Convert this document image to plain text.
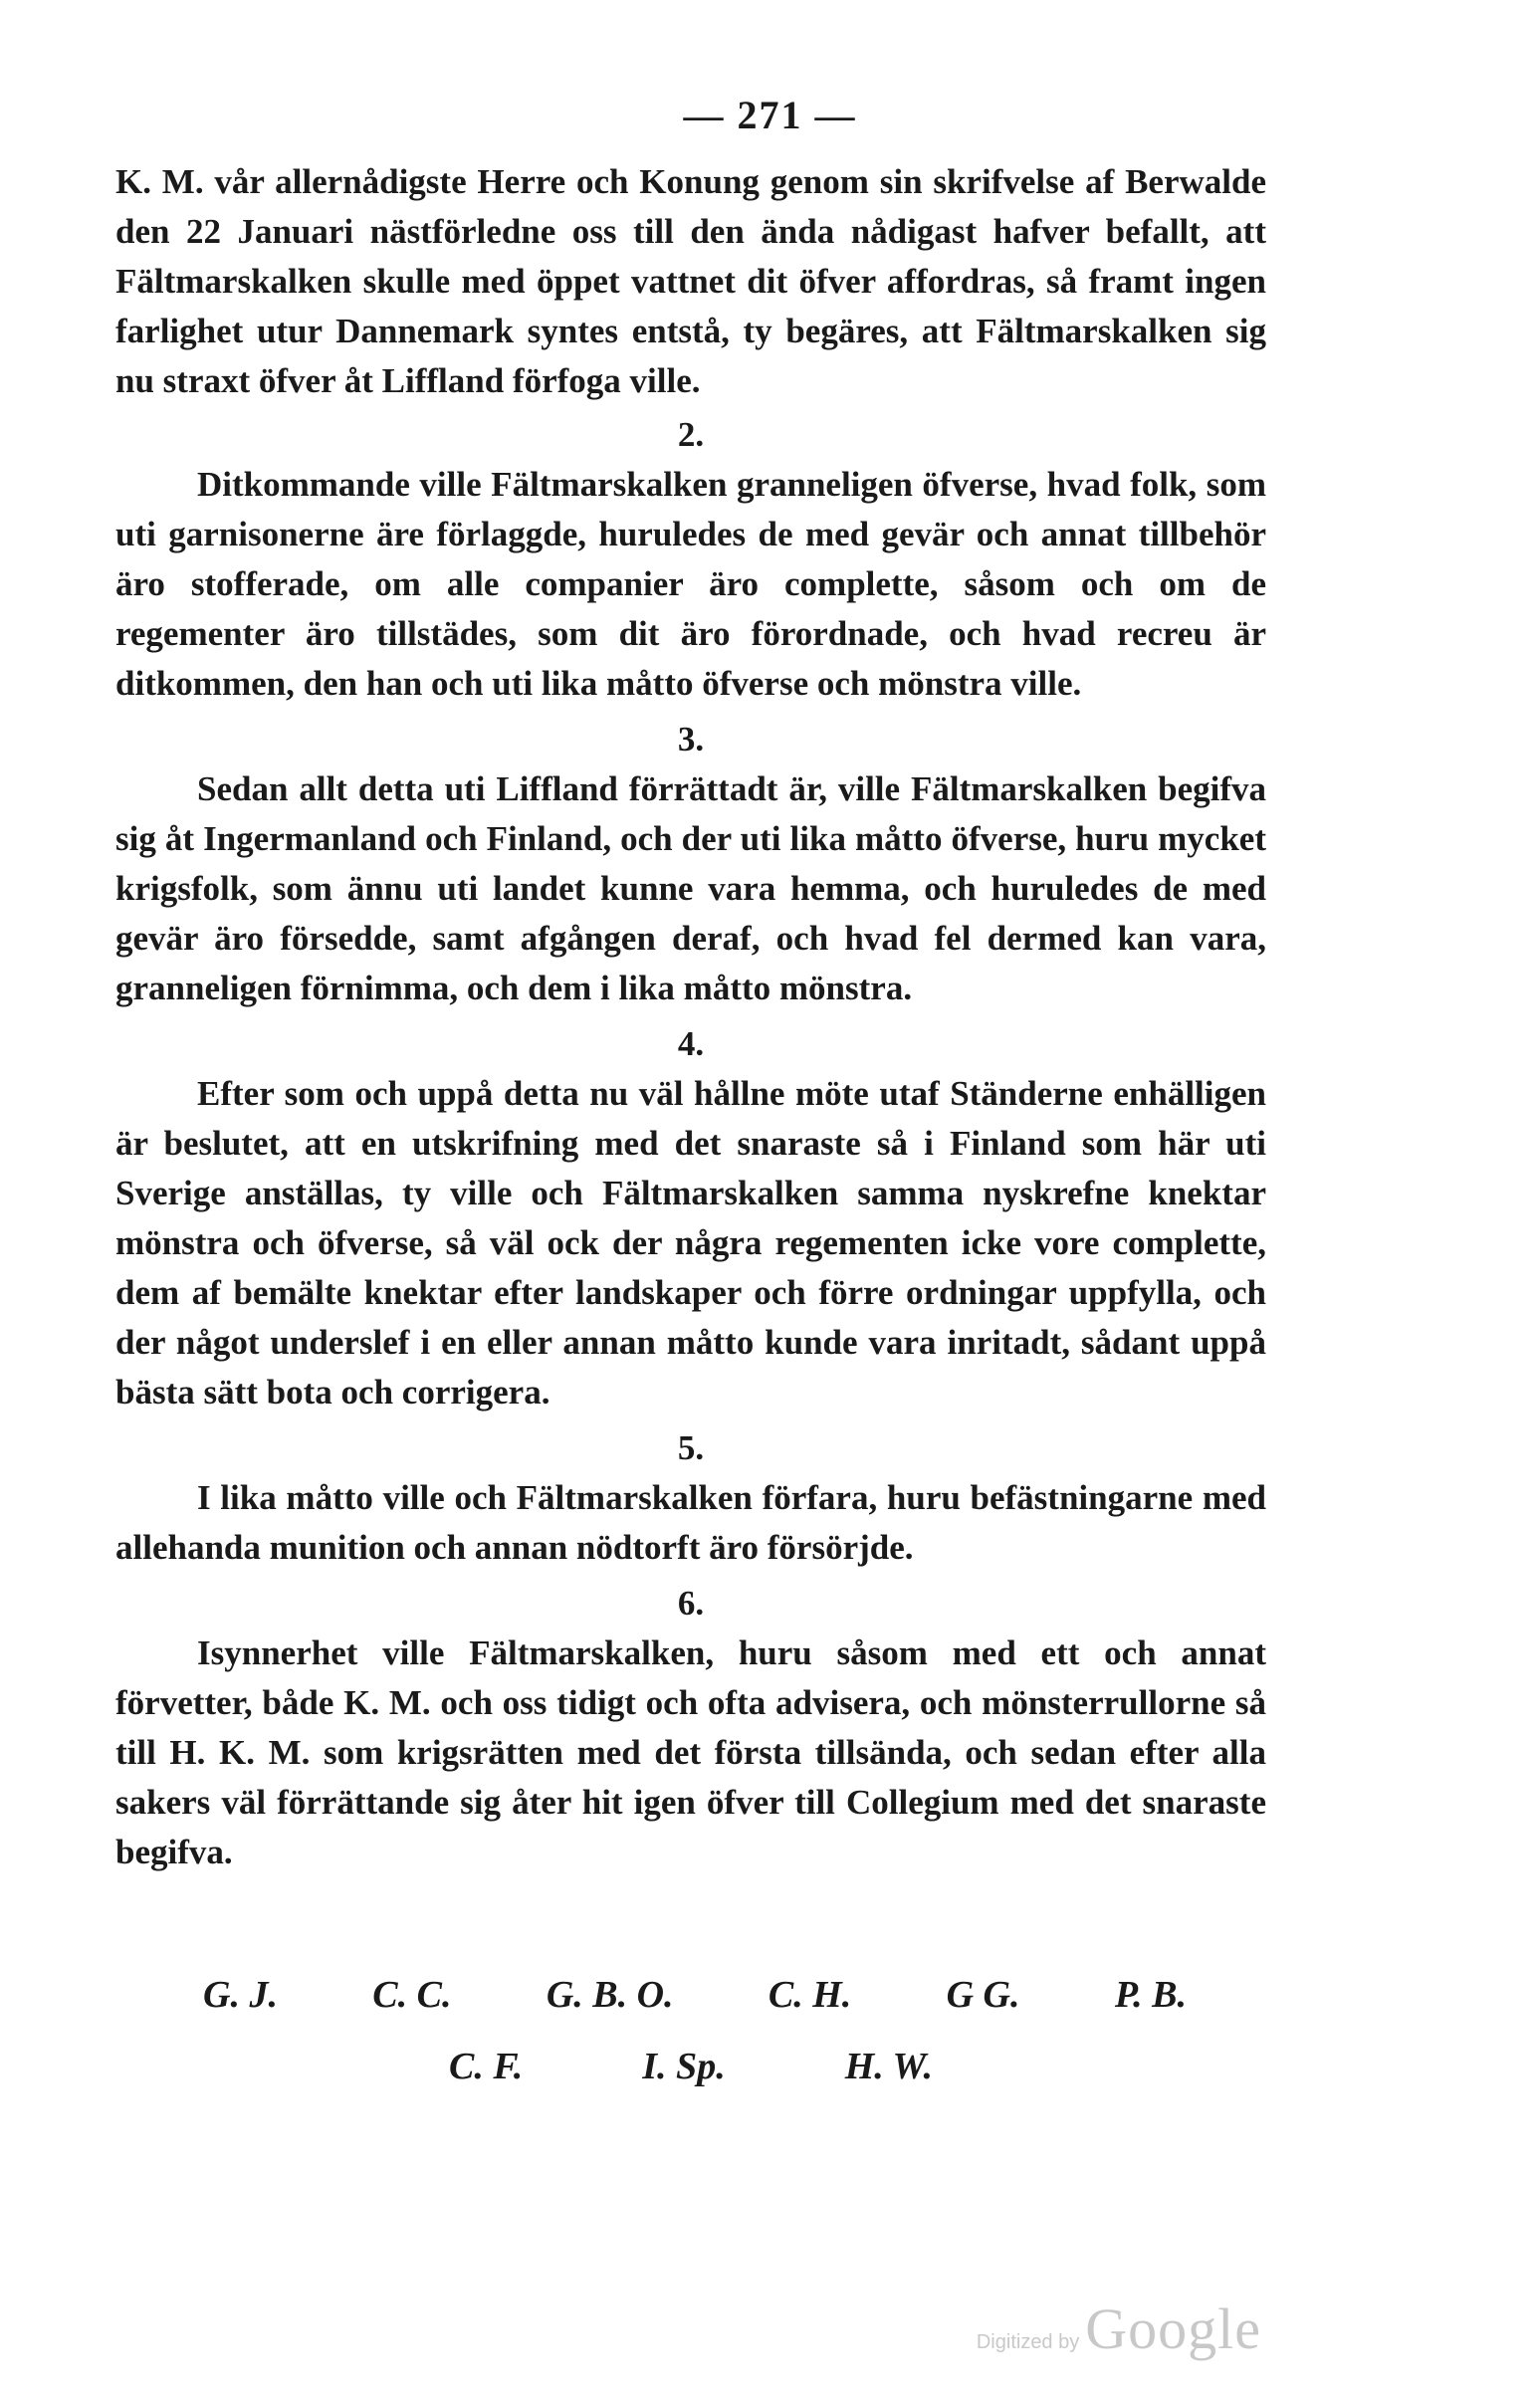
— 271 —

K. M. vår allernådigste Herre och Konung genom sin skrifvelse af Berwalde den 22 Januari nästförledne oss till den ända nådigast hafver befallt, att Fältmarskalken skulle med öppet vattnet dit öfver affordras, så framt ingen farlighet utur Dannemark syntes entstå, ty begäres, att Fältmarskalken sig nu straxt öfver åt Liffland förfoga ville.

2.

Ditkommande ville Fältmarskalken granneligen öfverse, hvad folk, som uti garnisonerne äre förlaggde, huruledes de med gevär och annat tillbehör äro stofferade, om alle companier äro complette, såsom och om de regementer äro tillstädes, som dit äro förordnade, och hvad recreu är ditkommen, den han och uti lika måtto öfverse och mönstra ville.

3.

Sedan allt detta uti Liffland förrättadt är, ville Fältmarskalken begifva sig åt Ingermanland och Finland, och der uti lika måtto öfverse, huru mycket krigsfolk, som ännu uti landet kunne vara hemma, och huruledes de med gevär äro försedde, samt afgången deraf, och hvad fel dermed kan vara, granneligen förnimma, och dem i lika måtto mönstra.

4.

Efter som och uppå detta nu väl hållne möte utaf Ständerne enhälligen är beslutet, att en utskrifning med det snaraste så i Finland som här uti Sverige anställas, ty ville och Fältmarskalken samma nyskrefne knektar mönstra och öfverse, så väl ock der några regementen icke vore complette, dem af bemälte knektar efter landskaper och förre ordningar uppfylla, och der något underslef i en eller annan måtto kunde vara inritadt, sådant uppå bästa sätt bota och corrigera.

5.

I lika måtto ville och Fältmarskalken förfara, huru befästningarne med allehanda munition och annan nödtorft äro försörjde.

6.

Isynnerhet ville Fältmarskalken, huru såsom med ett och annat förvetter, både K. M. och oss tidigt och ofta advisera, och mönsterrullorne så till H. K. M. som krigsrätten med det första tillsända, och sedan efter alla sakers väl förrättande sig åter hit igen öfver till Collegium med det snaraste begifva.

G. J.	C. C.	G. B. O.	C. H.	G G.	P. B.
C. F.	I. Sp.	H. W.
Digitized by Google
